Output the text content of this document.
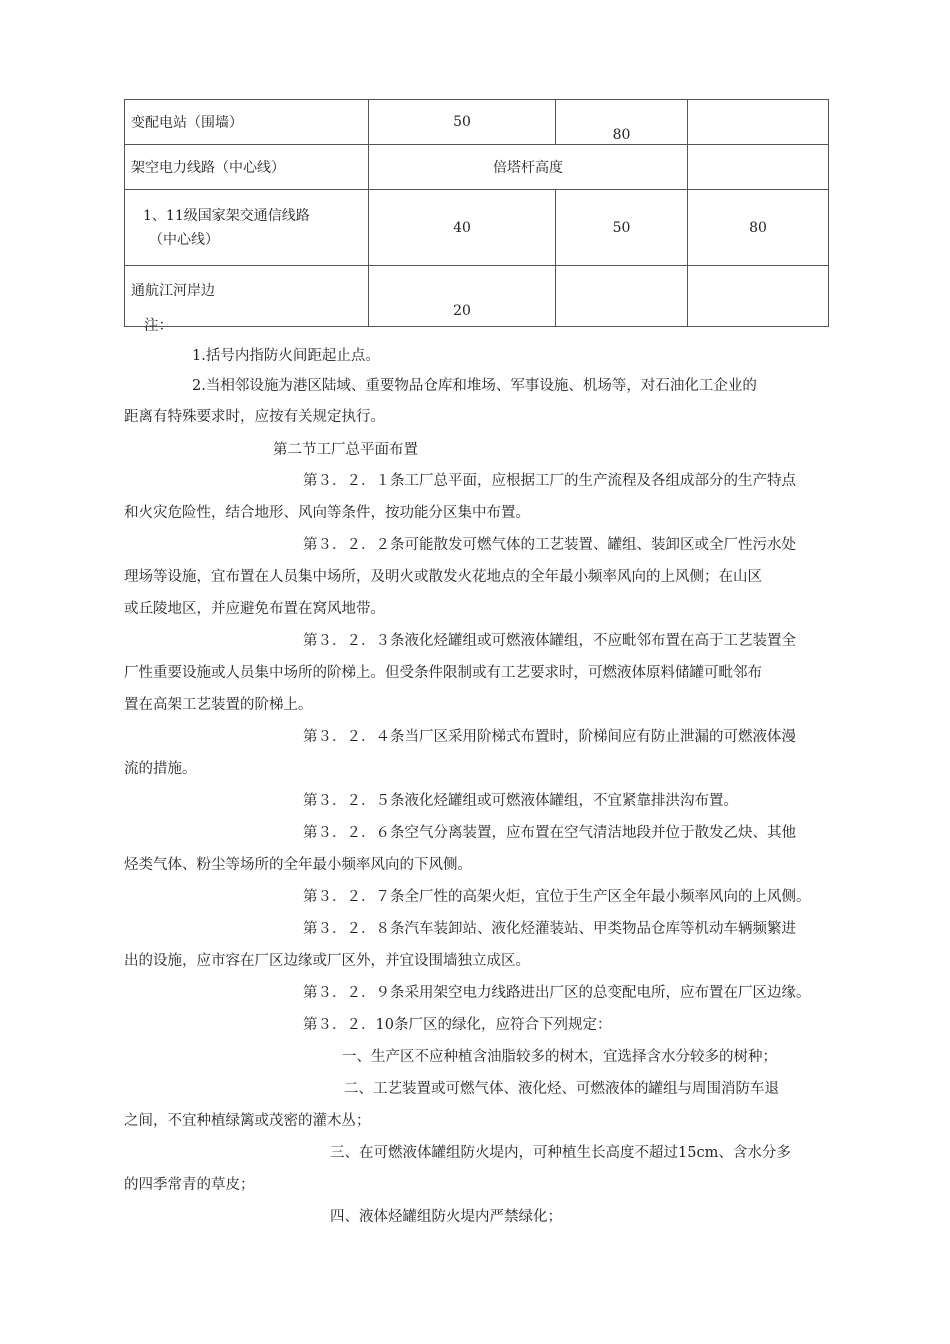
变配电站（围墙）	50	80	

架空电力线路（中心线）	倍塔杆高度		

1、11级国家架交通信线路
（中心线）	40	50	80
通航江河岸边	20		

注：
1.括号内指防火间距起止点。
2.当相邻设施为港区陆域、重要物品仓库和堆场、军事设施、机场等，对石油化工企业的
距离有特殊要求时，应按有关规定执行。
第二节工厂总平面布置
第３．２．１条工厂总平面，应根据工厂的生产流程及各组成部分的生产特点
和火灾危险性，结合地形、风向等条件，按功能分区集中布置。
第３．２．２条可能散发可燃气体的工艺装置、罐组、装卸区或全厂性污水处
理场等设施，宜布置在人员集中场所，及明火或散发火花地点的全年最小频率风向的上风侧；在山区
或丘陵地区，并应避免布置在窝风地带。
第３．２．３条液化烃罐组或可燃液体罐组，不应毗邻布置在高于工艺装置全
厂性重要设施或人员集中场所的阶梯上。但受条件限制或有工艺要求时，可燃液体原料储罐可毗邻布
置在高架工艺装置的阶梯上。
第３．２．４条当厂区采用阶梯式布置时，阶梯间应有防止泄漏的可燃液体漫
流的措施。
第３．２．５条液化烃罐组或可燃液体罐组，不宜紧靠排洪沟布置。
第３．２．６条空气分离装置，应布置在空气清洁地段并位于散发乙炔、其他
烃类气体、粉尘等场所的全年最小频率风向的下风侧。
第３．２．７条全厂性的高架火炬，宜位于生产区全年最小频率风向的上风侧。
第３．２．８条汽车装卸站、液化烃灌装站、甲类物品仓库等机动车辆频繁进
出的设施，应市容在厂区边缘或厂区外，并宜设围墙独立成区。
第３．２．９条采用架空电力线路进出厂区的总变配电所，应布置在厂区边缘。
第３．２．10条厂区的绿化，应符合下列规定：
一、生产区不应种植含油脂较多的树木，宜选择含水分较多的树种；
二、工艺装置或可燃气体、液化烃、可燃液体的罐组与周围消防车退
之间，不宜种植绿篱或茂密的灌木丛；
三、在可燃液体罐组防火堤内，可种植生长高度不超过15cm、含水分多
的四季常青的草皮；
四、液体烃罐组防火堤内严禁绿化；
